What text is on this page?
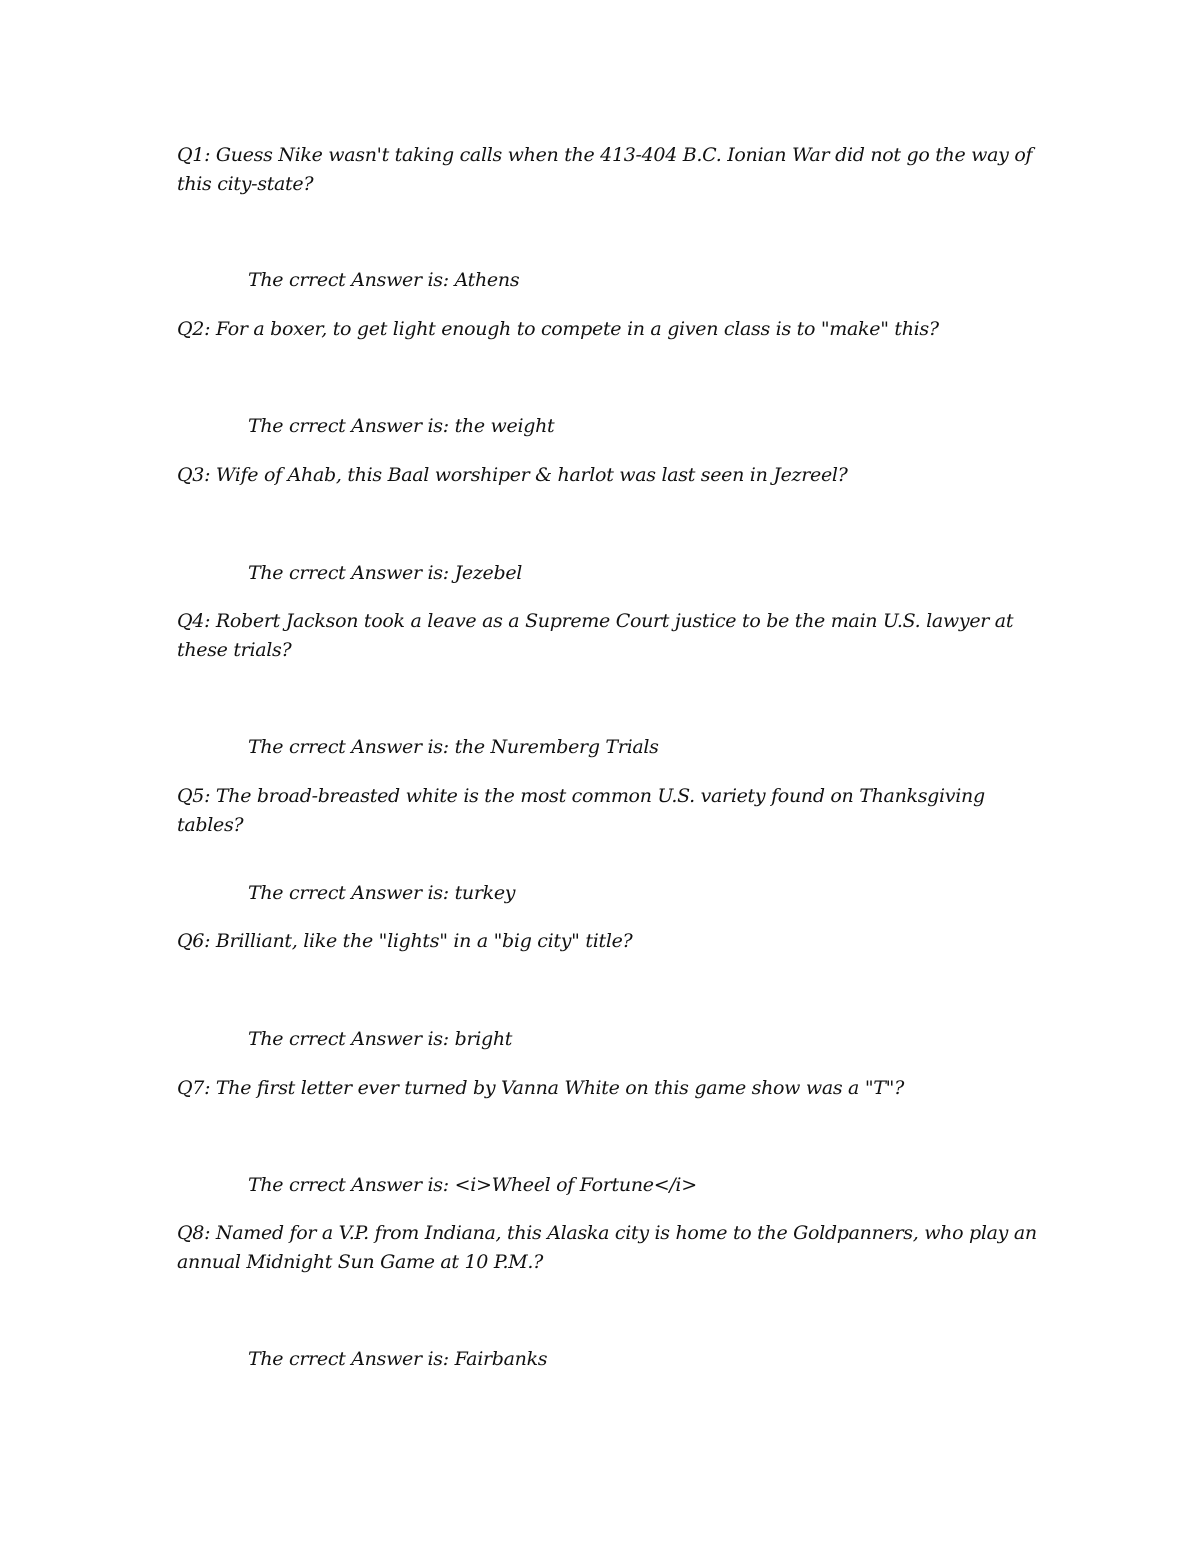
Q1: Guess Nike wasn't taking calls when the 413-404 B.C. Ionian War did not go the way of this city-state?

The crrect Answer is: Athens

Q2: For a boxer, to get light enough to compete in a given class is to "make" this?

The crrect Answer is: the weight

Q3: Wife of Ahab, this Baal worshiper & harlot was last seen in Jezreel?

The crrect Answer is: Jezebel

Q4: Robert Jackson took a leave as a Supreme Court justice to be the main U.S. lawyer at these trials?

The crrect Answer is: the Nuremberg Trials

Q5: The broad-breasted white is the most common U.S. variety found on Thanksgiving tables?

The crrect Answer is: turkey

Q6: Brilliant, like the "lights" in a "big city" title?

The crrect Answer is: bright

Q7: The first letter ever turned by Vanna White on this game show was a "T"?

The crrect Answer is: <i>Wheel of Fortune</i>

Q8: Named for a V.P. from Indiana, this Alaska city is home to the Goldpanners, who play an annual Midnight Sun Game at 10 P.M.?

The crrect Answer is: Fairbanks
